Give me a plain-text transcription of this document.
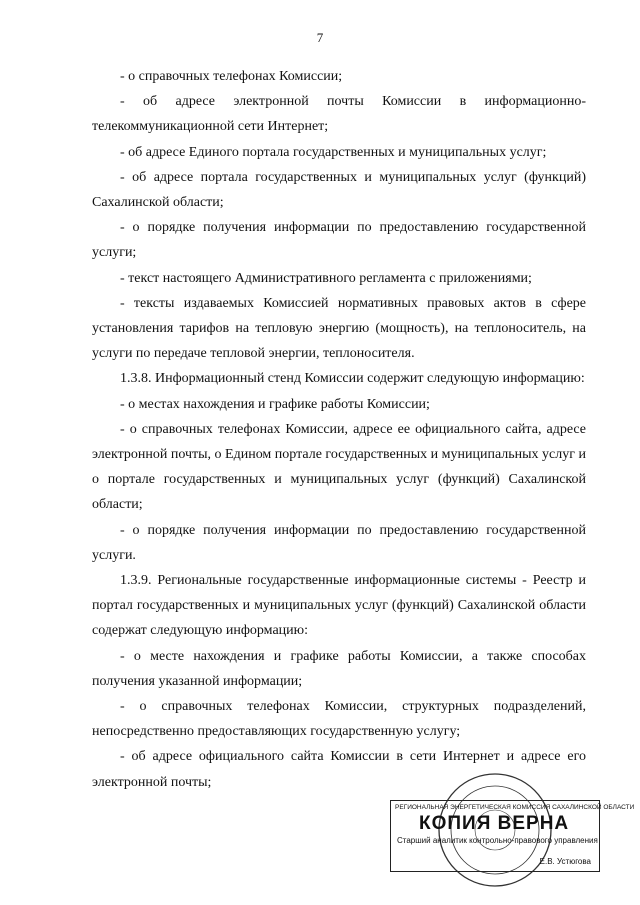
7

- о справочных телефонах Комиссии;

- об адресе электронной почты Комиссии в информационно-телекоммуникационной сети Интернет;

- об адресе Единого портала государственных и муниципальных услуг;

- об адресе портала государственных и муниципальных услуг (функций) Сахалинской области;

- о порядке получения информации по предоставлению государственной услуги;

- текст настоящего Административного регламента с приложениями;

- тексты издаваемых Комиссией нормативных правовых актов в сфере установления тарифов на тепловую энергию (мощность), на теплоноситель, на услуги по передаче тепловой энергии, теплоносителя.

1.3.8. Информационный стенд Комиссии содержит следующую информацию:

- о местах нахождения и графике работы Комиссии;

- о справочных телефонах Комиссии, адресе ее официального сайта, адресе электронной почты, о Едином портале государственных и муниципальных услуг и о портале государственных и муниципальных услуг (функций) Сахалинской области;

- о порядке получения информации по предоставлению государственной услуги.

1.3.9. Региональные государственные информационные системы - Реестр и портал государственных и муниципальных услуг (функций) Сахалинской области содержат следующую информацию:

- о месте нахождения и графике работы Комиссии, а также способах получения указанной информации;

- о справочных телефонах Комиссии, структурных подразделений, непосредственно предоставляющих государственную услугу;

- об адресе официального сайта Комиссии в сети Интернет и адресе его электронной почты;

РЕГИОНАЛЬНАЯ ЭНЕРГЕТИЧЕСКАЯ КОМИССИЯ САХАЛИНСКОЙ ОБЛАСТИ
КОПИЯ ВЕРНА
Старший аналитик контрольно-правового управления
Е.В. Устюгова
